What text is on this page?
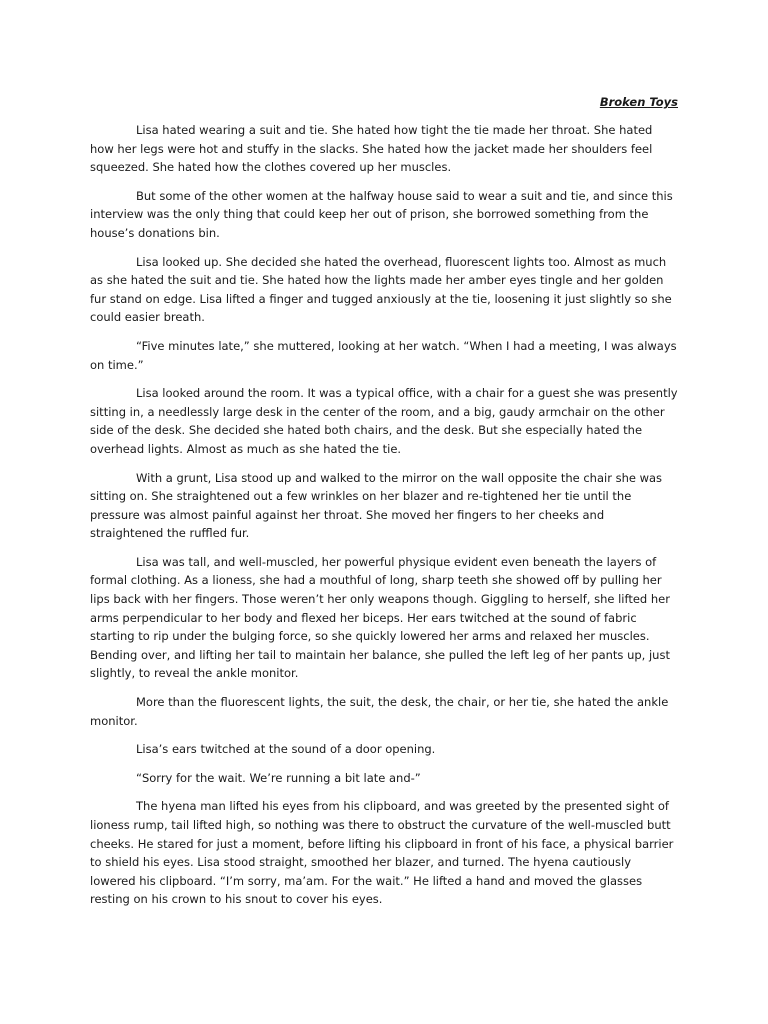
Broken Toys

Lisa hated wearing a suit and tie. She hated how tight the tie made her throat. She hated how her legs were hot and stuffy in the slacks. She hated how the jacket made her shoulders feel squeezed. She hated how the clothes covered up her muscles.

But some of the other women at the halfway house said to wear a suit and tie, and since this interview was the only thing that could keep her out of prison, she borrowed something from the house’s donations bin.

Lisa looked up. She decided she hated the overhead, fluorescent lights too. Almost as much as she hated the suit and tie. She hated how the lights made her amber eyes tingle and her golden fur stand on edge. Lisa lifted a finger and tugged anxiously at the tie, loosening it just slightly so she could easier breath.

“Five minutes late,” she muttered, looking at her watch. “When I had a meeting, I was always on time.”

Lisa looked around the room. It was a typical office, with a chair for a guest she was presently sitting in, a needlessly large desk in the center of the room, and a big, gaudy armchair on the other side of the desk. She decided she hated both chairs, and the desk. But she especially hated the overhead lights. Almost as much as she hated the tie.

With a grunt, Lisa stood up and walked to the mirror on the wall opposite the chair she was sitting on. She straightened out a few wrinkles on her blazer and re-tightened her tie until the pressure was almost painful against her throat. She moved her fingers to her cheeks and straightened the ruffled fur.

Lisa was tall, and well-muscled, her powerful physique evident even beneath the layers of formal clothing. As a lioness, she had a mouthful of long, sharp teeth she showed off by pulling her lips back with her fingers. Those weren’t her only weapons though. Giggling to herself, she lifted her arms perpendicular to her body and flexed her biceps. Her ears twitched at the sound of fabric starting to rip under the bulging force, so she quickly lowered her arms and relaxed her muscles. Bending over, and lifting her tail to maintain her balance, she pulled the left leg of her pants up, just slightly, to reveal the ankle monitor.

More than the fluorescent lights, the suit, the desk, the chair, or her tie, she hated the ankle monitor.

Lisa’s ears twitched at the sound of a door opening.

“Sorry for the wait. We’re running a bit late and-”

The hyena man lifted his eyes from his clipboard, and was greeted by the presented sight of lioness rump, tail lifted high, so nothing was there to obstruct the curvature of the well-muscled butt cheeks. He stared for just a moment, before lifting his clipboard in front of his face, a physical barrier to shield his eyes. Lisa stood straight, smoothed her blazer, and turned. The hyena cautiously lowered his clipboard. “I’m sorry, ma’am. For the wait.” He lifted a hand and moved the glasses resting on his crown to his snout to cover his eyes.
